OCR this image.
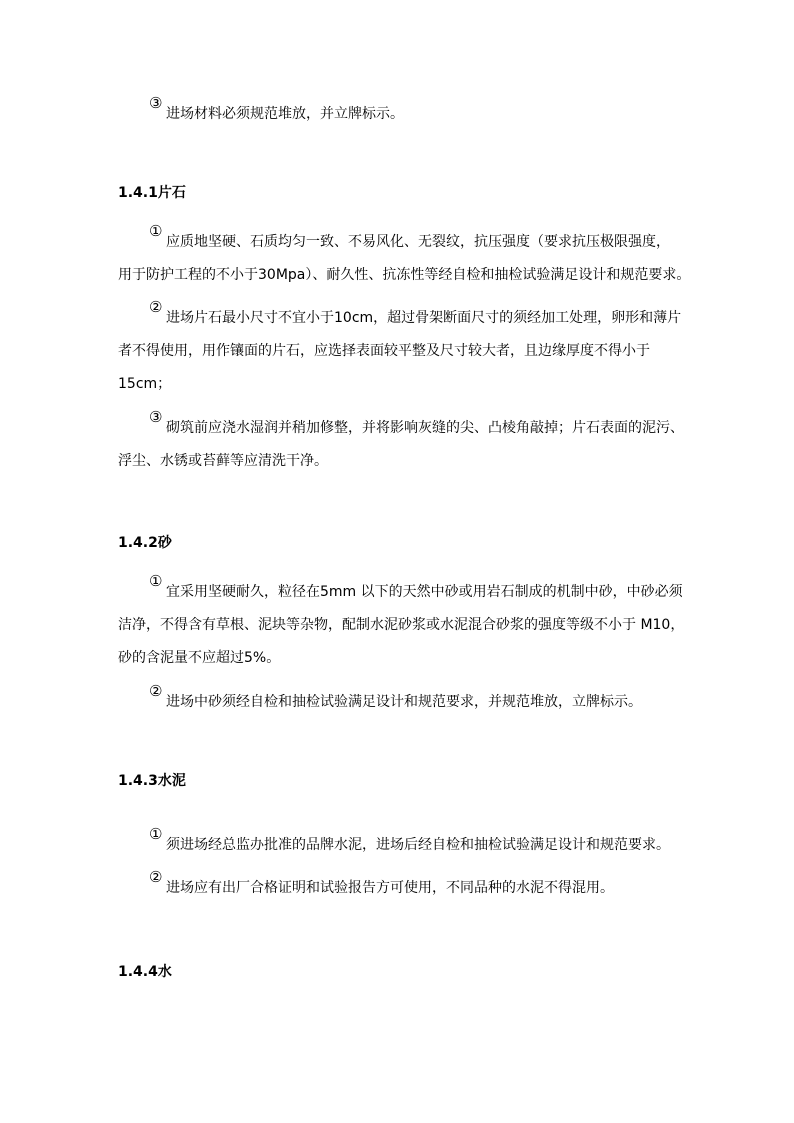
③

进场材料必须规范堆放，并立牌标示。

1.4.1片石
①

应质地坚硬、石质均匀一致、不易风化、无裂纹，抗压强度（要求抗压极限强度，

用于防护工程的不小于30Mpa）、耐久性、抗冻性等经自检和抽检试验满足设计和规范要求。

②

进场片石最小尺寸不宜小于10cm，超过骨架断面尺寸的须经加工处理，卵形和薄片

者不得使用，用作镶面的片石，应选择表面较平整及尺寸较大者，且边缘厚度不得小于

15cm；

③

砌筑前应浇水湿润并稍加修整，并将影响灰缝的尖、凸棱角敲掉；片石表面的泥污、

浮尘、水锈或苔藓等应清洗干净。

1.4.2砂
①

宜采用坚硬耐久，粒径在5mm 以下的天然中砂或用岩石制成的机制中砂，中砂必须

洁净，不得含有草根、泥块等杂物，配制水泥砂浆或水泥混合砂浆的强度等级不小于 M10，

砂的含泥量不应超过5%。

②

进场中砂须经自检和抽检试验满足设计和规范要求，并规范堆放，立牌标示。

1.4.3水泥
①

须进场经总监办批准的品牌水泥，进场后经自检和抽检试验满足设计和规范要求。

②

进场应有出厂合格证明和试验报告方可使用，不同品种的水泥不得混用。

1.4.4水
